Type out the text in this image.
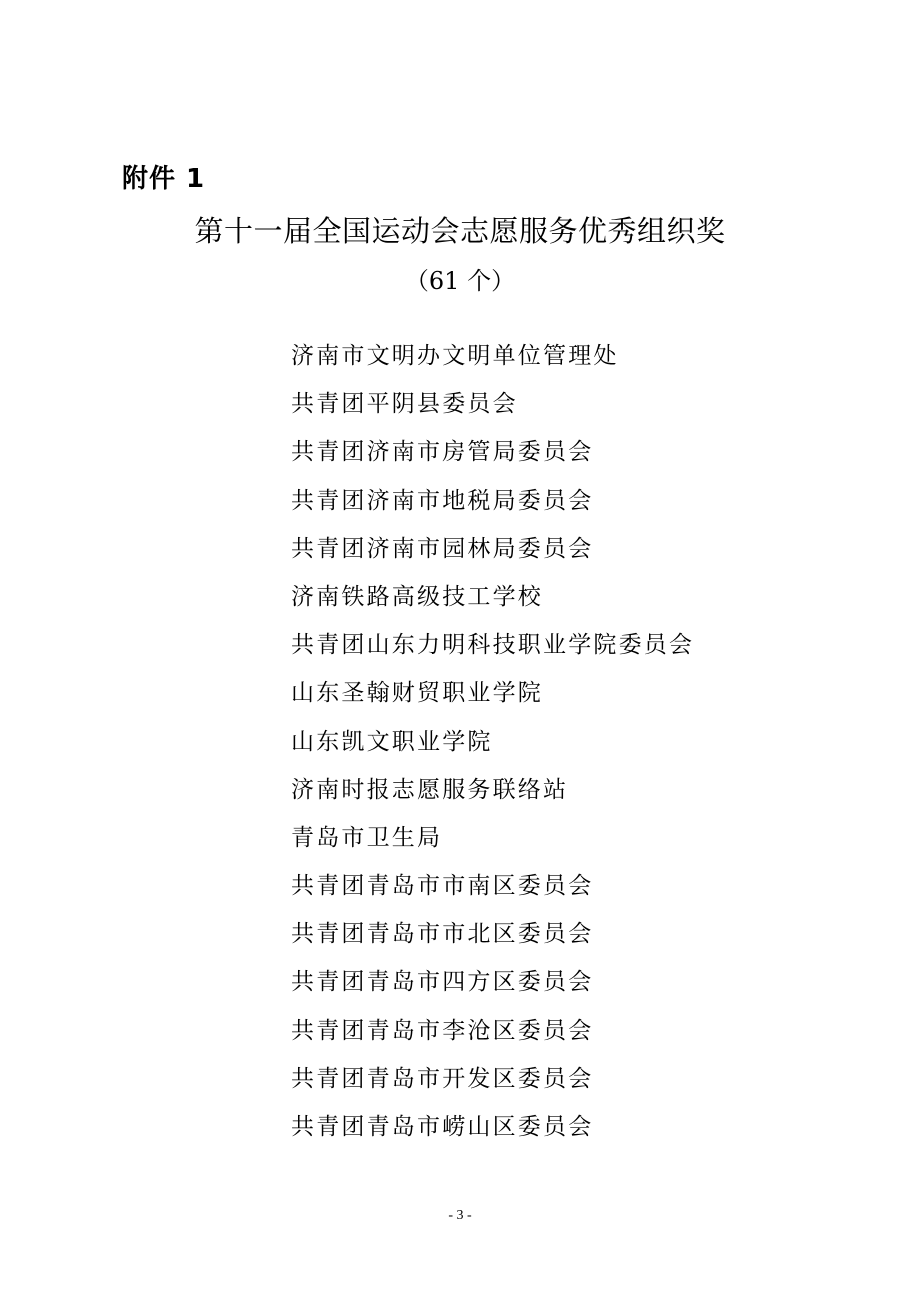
附件 1
第十一届全国运动会志愿服务优秀组织奖
（61 个）
济南市文明办文明单位管理处
共青团平阴县委员会
共青团济南市房管局委员会
共青团济南市地税局委员会
共青团济南市园林局委员会
济南铁路高级技工学校
共青团山东力明科技职业学院委员会
山东圣翰财贸职业学院
山东凯文职业学院
济南时报志愿服务联络站
青岛市卫生局
共青团青岛市市南区委员会
共青团青岛市市北区委员会
共青团青岛市四方区委员会
共青团青岛市李沧区委员会
共青团青岛市开发区委员会
共青团青岛市崂山区委员会
- 3 -
